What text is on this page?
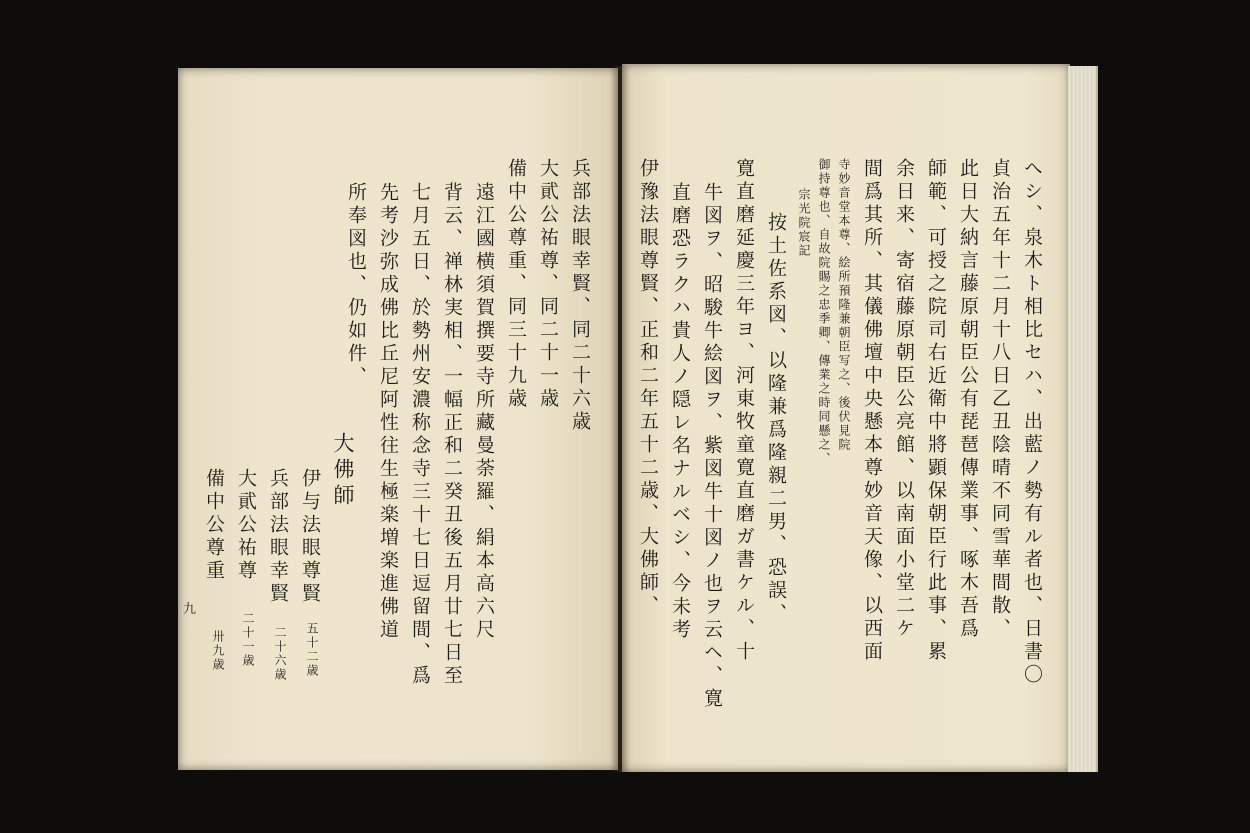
へシ、泉木ト相比セハ、出藍ノ勢有ル者也、日書〇
貞治五年十二月十八日乙丑陰晴不同雪華間散、
此日大納言藤原朝臣公有琵琶傳業事、啄木吾爲
師範、可授之院司右近衛中將顕保朝臣行此事、累
余日来、寄宿藤原朝臣公亮館、以南面小堂二ケ
間爲其所、其儀佛壇中央懸本尊妙音天像、以西面
寺妙音堂本尊、絵所預隆兼朝臣写之、後伏見院
御持尊也、自故院賜之忠季卿、傳業之時同懸之、
宗光院宸記
按土佐系図、以隆兼爲隆親二男、恐誤、
寛直磨延慶三年ヨ、河東牧童寛直磨ガ書ケル、十
牛図ヲ、昭駿牛絵図ヲ、紫図牛十図ノ也ヲ云ヘ、寛
直磨恐ラクハ貴人ノ隠レ名ナルベシ、今未考
伊豫法眼尊賢、正和二年五十二歳、大佛師、
兵部法眼幸賢、同二十六歳
大貮公祐尊、同二十一歳
備中公尊重、同三十九歳
遠江國横須賀撰要寺所藏曼荼羅、絹本高六尺
背云、禅林実相、一幅正和二癸丑後五月廿七日至
七月五日、於勢州安濃称念寺三十七日逗留間、爲
先考沙弥成佛比丘尼阿性往生極楽増楽進佛道
所奉図也、仍如件、
大佛師
伊与法眼尊賢
兵部法眼幸賢
大貮公祐尊
備中公尊重
五十二歳
二十六歳
二十一歳
卅九歳
九
